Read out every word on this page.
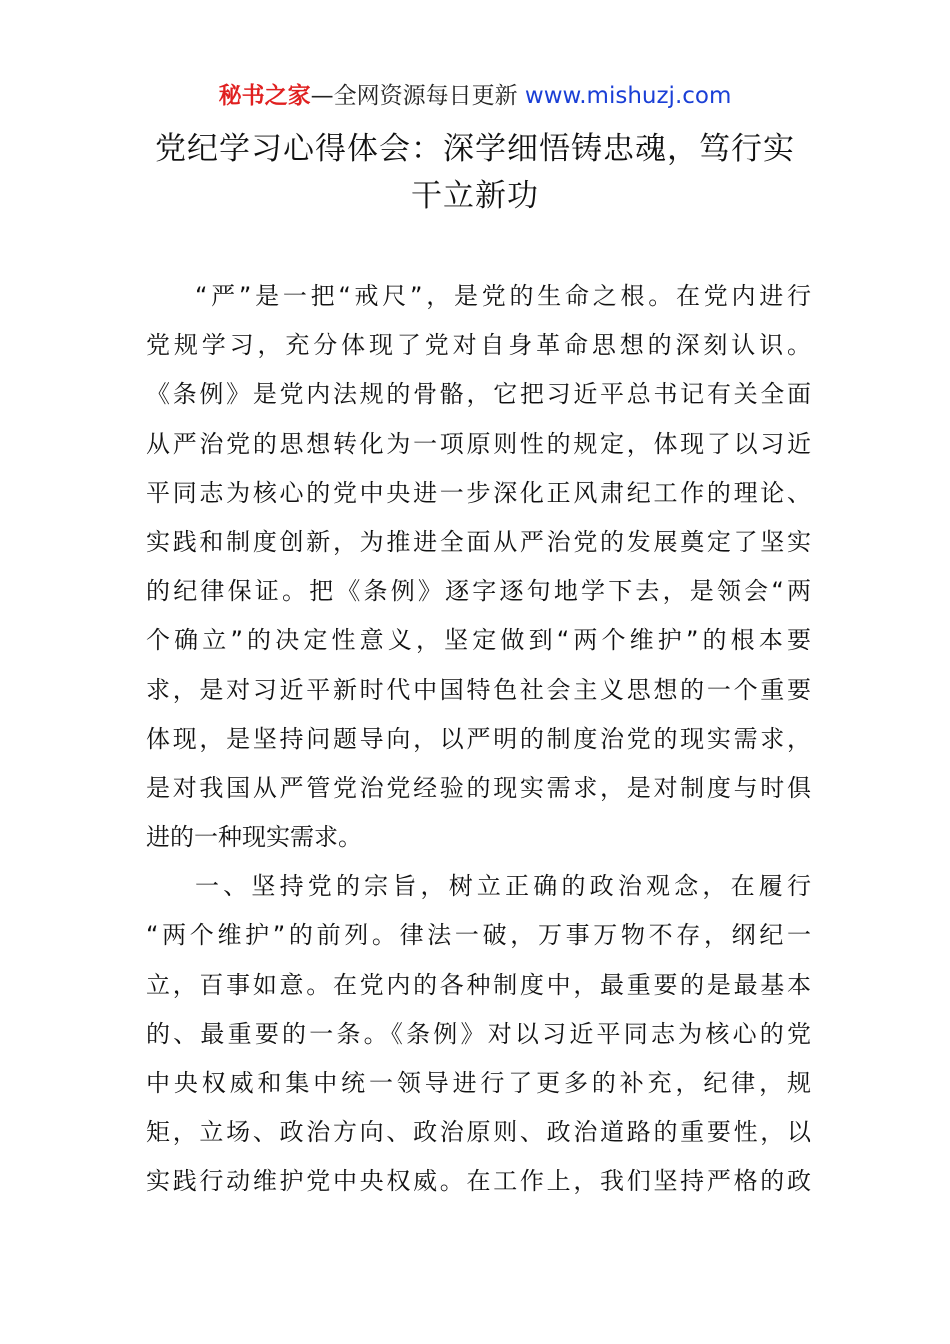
秘书之家—全网资源每日更新 www.mishuzj.com
党纪学习心得体会：深学细悟铸忠魂，笃行实
干立新功
“严”是一把“戒尺”，是党的生命之根。在党内进行
党规学习，充分体现了党对自身革命思想的深刻认识。
《条例》是党内法规的骨骼，它把习近平总书记有关全面
从严治党的思想转化为一项原则性的规定，体现了以习近
平同志为核心的党中央进一步深化正风肃纪工作的理论、
实践和制度创新，为推进全面从严治党的发展奠定了坚实
的纪律保证。把《条例》逐字逐句地学下去，是领会“两
个确立”的决定性意义，坚定做到“两个维护”的根本要
求，是对习近平新时代中国特色社会主义思想的一个重要
体现，是坚持问题导向，以严明的制度治党的现实需求，
是对我国从严管党治党经验的现实需求，是对制度与时俱
进的一种现实需求。
一、坚持党的宗旨，树立正确的政治观念，在履行
“两个维护”的前列。律法一破，万事万物不存，纲纪一
立，百事如意。在党内的各种制度中，最重要的是最基本
的、最重要的一条。《条例》对以习近平同志为核心的党
中央权威和集中统一领导进行了更多的补充，纪律，规
矩，立场、政治方向、政治原则、政治道路的重要性，以
实践行动维护党中央权威。在工作上，我们坚持严格的政
